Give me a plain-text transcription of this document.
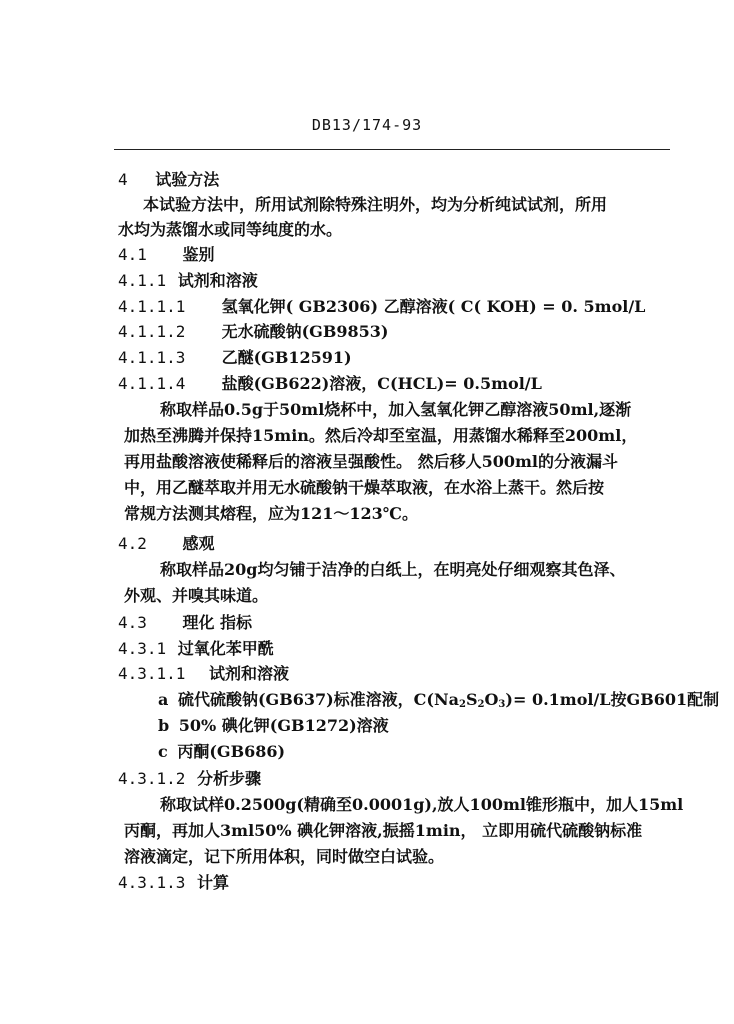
DB13/174-93
4 试验方法
本试验方法中，所用试剂除特殊注明外，均为分析纯试试剂，所用
水均为蒸馏水或同等纯度的水。
4.1 鉴别
4.1.1 试剂和溶液
4.1.1.1 氢氧化钾( GB2306) 乙醇溶液( C( KOH) = 0. 5mol/L
4.1.1.2 无水硫酸钠(GB9853)
4.1.1.3 乙醚(GB12591)
4.1.1.4 盐酸(GB622)溶液，C(HCL)= 0.5mol/L
称取样品0.5g于50ml烧杯中，加入氢氧化钾乙醇溶液50ml,逐渐
加热至沸腾并保持15min。然后冷却至室温，用蒸馏水稀释至200ml，
再用盐酸溶液使稀释后的溶液呈强酸性。 然后移人500ml的分液漏斗
中，用乙醚萃取并用无水硫酸钠干燥萃取液，在水浴上蒸干。然后按
常规方法测其熔程，应为121～123℃。
4.2 感观
称取样品20g均匀铺于洁净的白纸上，在明亮处仔细观察其色泽、
外观、并嗅其味道。
4.3 理化 指标
4.3.1 过氧化苯甲酰
4.3.1.1 试剂和溶液
a 硫代硫酸钠(GB637)标准溶液，$C(Na_2S_2O_3)= 0.1mol/L$按GB601配制
b 50% 碘化钾(GB1272)溶液
c 丙酮(GB686)
4.3.1.2 分析步骤
称取试样0.2500g(精确至0.0001g),放人100ml锥形瓶中，加人15ml
丙酮，再加人3ml50% 碘化钾溶液,振摇1min， 立即用硫代硫酸钠标准
溶液滴定，记下所用体积，同时做空白试验。
4.3.1.3 计算
